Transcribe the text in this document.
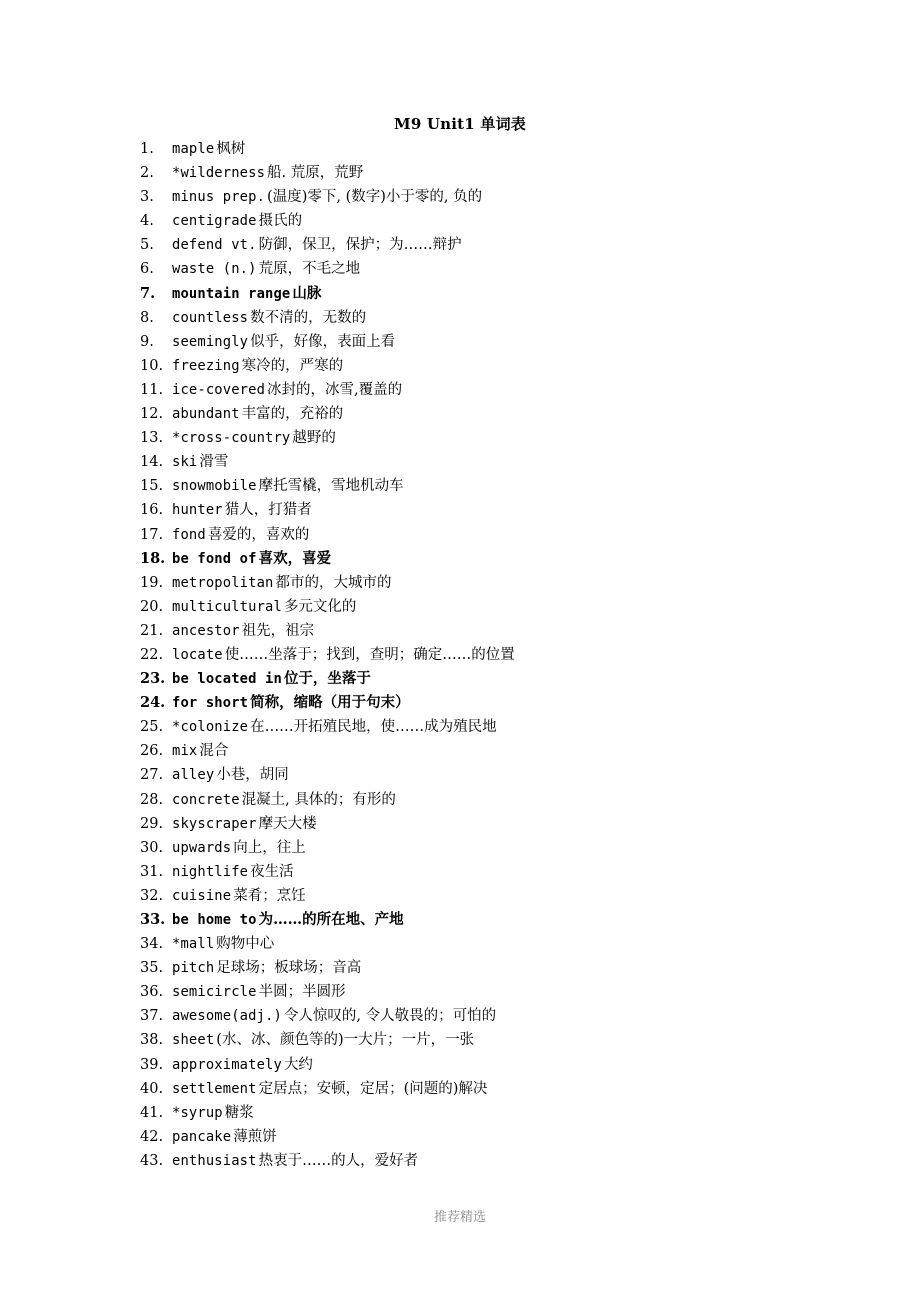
M9 Unit1 单词表
1.	maple 枫树
2.	*wilderness 船. 荒原，荒野
3.	minus prep. (温度)零下, (数字)小于零的, 负的
4.	centigrade 摄氏的
5.	defend vt. 防御，保卫，保护；为……辩护
6.	waste (n.) 荒原，不毛之地
7.	mountain range 山脉
8.	countless 数不清的，无数的
9.	seemingly 似乎，好像，表面上看
10. freezing 寒冷的，严寒的
11. ice-covered 冰封的，冰雪,覆盖的
12. abundant 丰富的，充裕的
13. *cross-country 越野的
14. ski 滑雪
15. snowmobile 摩托雪橇，雪地机动车
16. hunter 猎人，打猎者
17. fond 喜爱的，喜欢的
18. be fond of 喜欢，喜爱
19. metropolitan 都市的，大城市的
20. multicultural 多元文化的
21. ancestor 祖先，祖宗
22. locate 使……坐落于；找到，查明；确定……的位置
23. be located in 位于，坐落于
24. for short 简称，缩略（用于句末）
25. *colonize 在……开拓殖民地，使……成为殖民地
26. mix 混合
27. alley 小巷，胡同
28. concrete 混凝土, 具体的；有形的
29. skyscraper 摩天大楼
30. upwards 向上，往上
31. nightlife 夜生活
32. cuisine 菜肴；烹饪
33. be home to 为……的所在地、产地
34. *mall 购物中心
35. pitch 足球场；板球场；音高
36. semicircle 半圆；半圆形
37. awesome(adj.) 令人惊叹的, 令人敬畏的；可怕的
38. sheet (水、冰、颜色等的)一大片；一片，一张
39. approximately 大约
40. settlement 定居点；安顿，定居；(问题的)解决
41. *syrup 糖浆
42. pancake 薄煎饼
43. enthusiast 热衷于……的人，爱好者
推荐精选
